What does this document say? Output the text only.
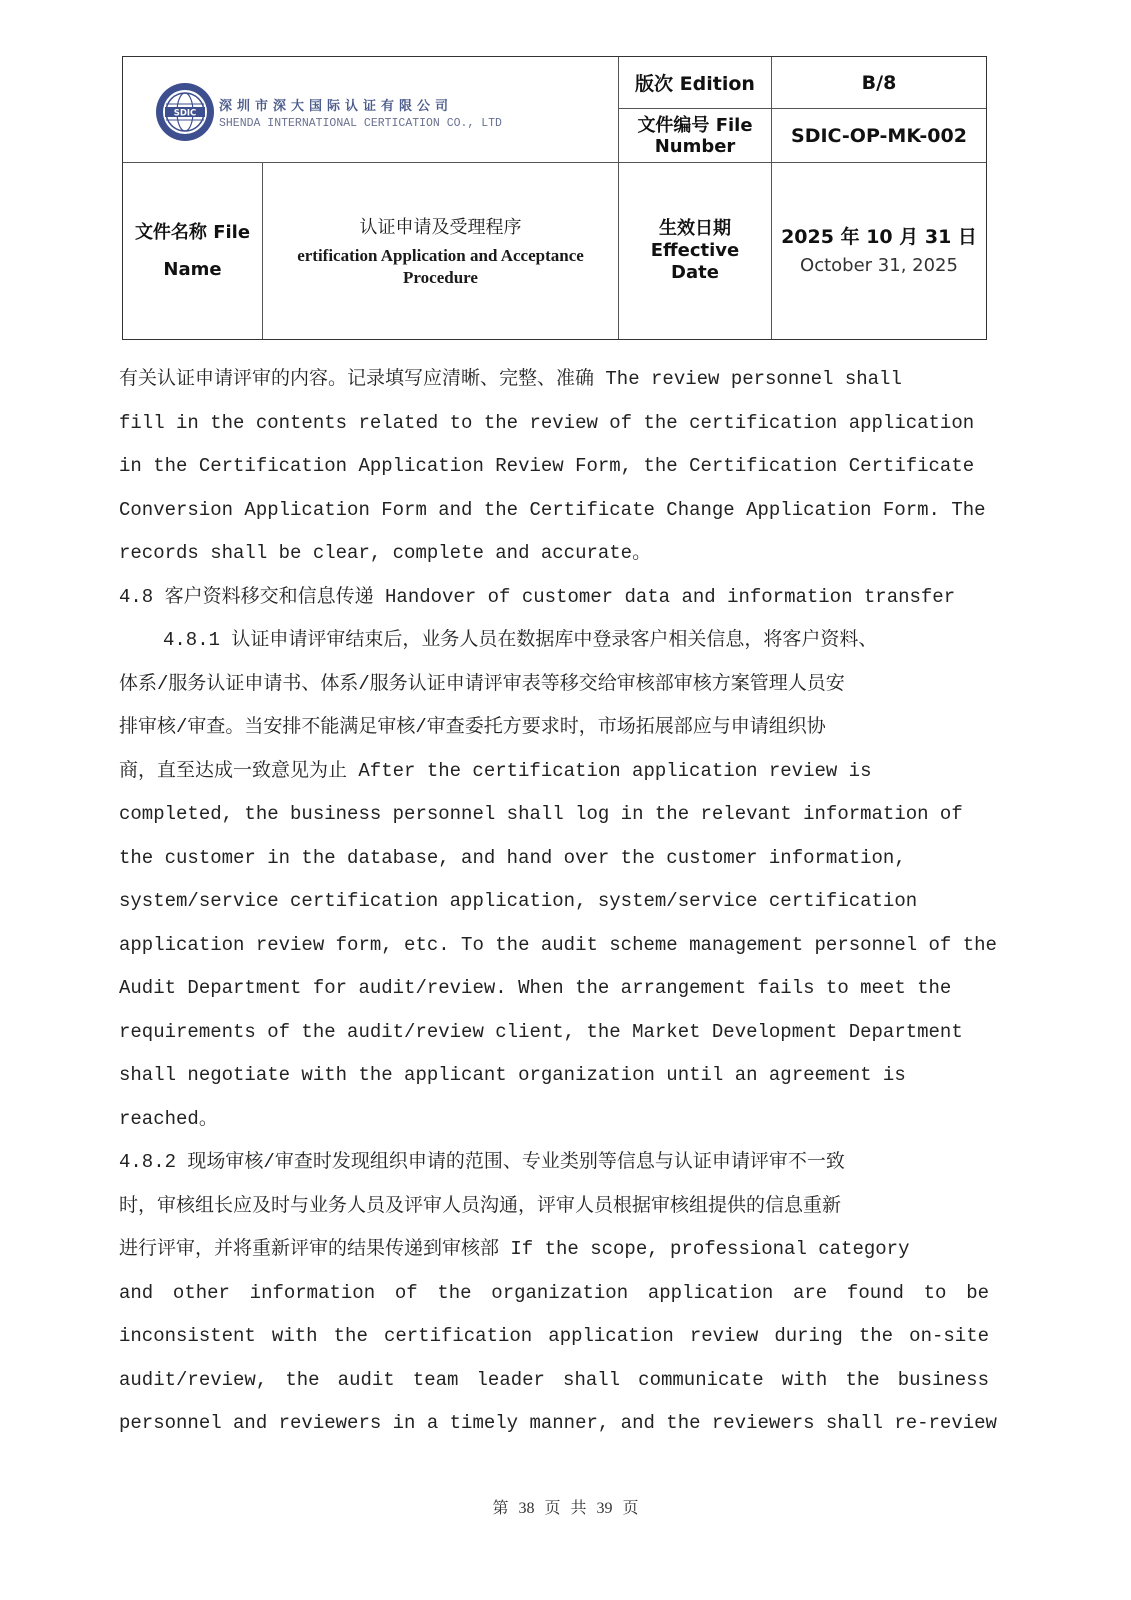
SDIC 深圳市深大国际认证有限公司
SHENDA INTERNATIONAL CERTICATION CO., LTD
版次 Edition	B/8
文件编号 File
Number	SDIC-OP-MK-002
文件名称 File
Name
认证申请及受理程序
ertification Application and Acceptance
Procedure
生效日期
Effective
Date
2025 年 10 月 31 日
October 31, 2025
有关认证申请评审的内容。记录填写应清晰、完整、准确 The review personnel shall
fill in the contents related to the review of the certification application
in the Certification Application Review Form, the Certification Certificate
Conversion Application Form and the Certificate Change Application Form. The
records shall be clear, complete and accurate。
4.8 客户资料移交和信息传递 Handover of customer data and information transfer
4.8.1 认证申请评审结束后，业务人员在数据库中登录客户相关信息，将客户资料、
体系/服务认证申请书、体系/服务认证申请评审表等移交给审核部审核方案管理人员安
排审核/审查。当安排不能满足审核/审查委托方要求时，市场拓展部应与申请组织协
商，直至达成一致意见为止 After the certification application review is
completed, the business personnel shall log in the relevant information of
the customer in the database, and hand over the customer information,
system/service certification application, system/service certification
application review form, etc. To the audit scheme management personnel of the
Audit Department for audit/review. When the arrangement fails to meet the
requirements of the audit/review client, the Market Development Department
shall negotiate with the applicant organization until an agreement is
reached。
4.8.2 现场审核/审查时发现组织申请的范围、专业类别等信息与认证申请评审不一致
时，审核组长应及时与业务人员及评审人员沟通，评审人员根据审核组提供的信息重新
进行评审，并将重新评审的结果传递到审核部 If the scope, professional category
and other information of the organization application are found to be
inconsistent with the certification application review during the on-site
audit/review, the audit team leader shall communicate with the business
personnel and reviewers in a timely manner, and the reviewers shall re-review
第 38 页 共 39 页
